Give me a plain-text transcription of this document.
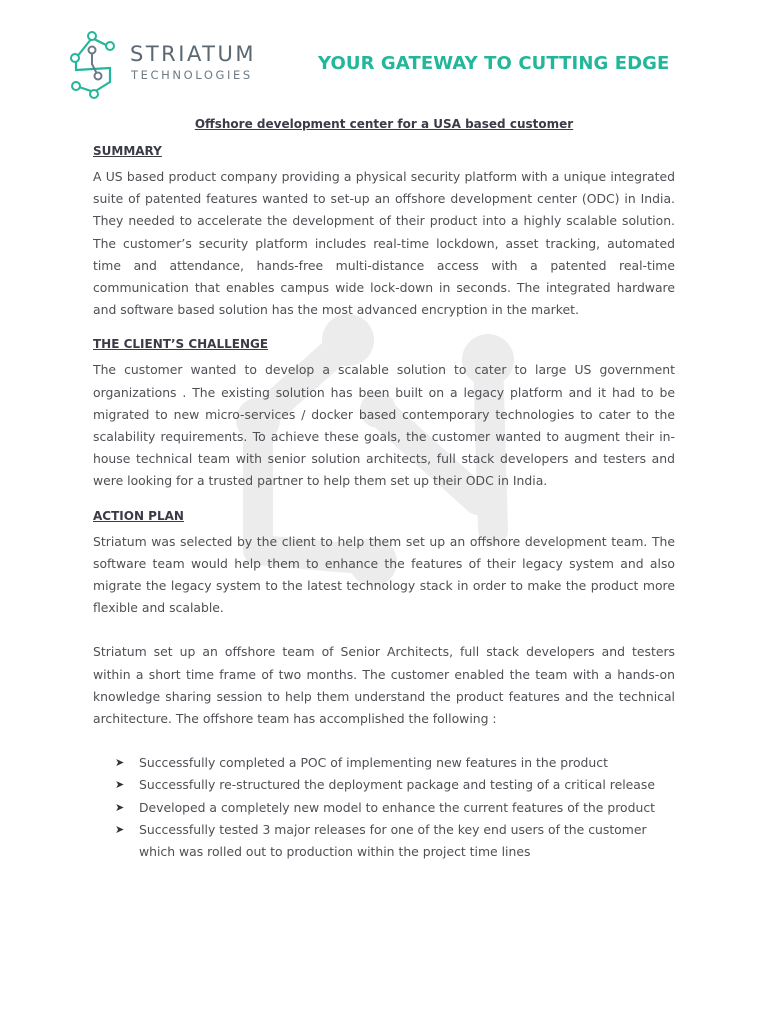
STRIATUM
TECHNOLOGIES
YOUR GATEWAY TO CUTTING EDGE
Offshore development center for a USA based customer
SUMMARY

A US based product company providing a physical security platform with a unique integrated suite of patented features wanted to set-up an offshore development center (ODC) in India. They needed to accelerate the development of their product into a highly scalable solution. The customer’s security platform includes real-time lockdown, asset tracking, automated time and attendance, hands-free multi-distance access with a patented real-time communication that enables campus wide lock-down in seconds. The integrated hardware and software based solution has the most advanced encryption in the market.

THE CLIENT’S CHALLENGE

The customer wanted to develop a scalable solution to cater to large US government organizations . The existing solution has been built on a legacy platform and it had to be migrated to new micro-services / docker based contemporary technologies to cater to the scalability requirements. To achieve these goals, the customer wanted to augment their in-house technical team with senior solution architects, full stack developers and testers and were looking for a trusted partner to help them set up their ODC in India.

ACTION PLAN

Striatum was selected by the client to help them set up an offshore development team. The software team would help them to enhance the features of their legacy system and also migrate the legacy system to the latest technology stack in order to make the product more flexible and scalable.

Striatum set up an offshore team of Senior Architects, full stack developers and testers within a short time frame of two months. The customer enabled the team with a hands-on knowledge sharing session to help them understand the product features and the technical architecture. The offshore team has accomplished the following :

➤ Successfully completed a POC of implementing new features in the product
➤ Successfully re-structured the deployment package and testing of a critical release
➤ Developed a completely new model to enhance the current features of the product
➤ Successfully tested 3 major releases for one of the key end users of the customer which was rolled out to production within the project time lines
